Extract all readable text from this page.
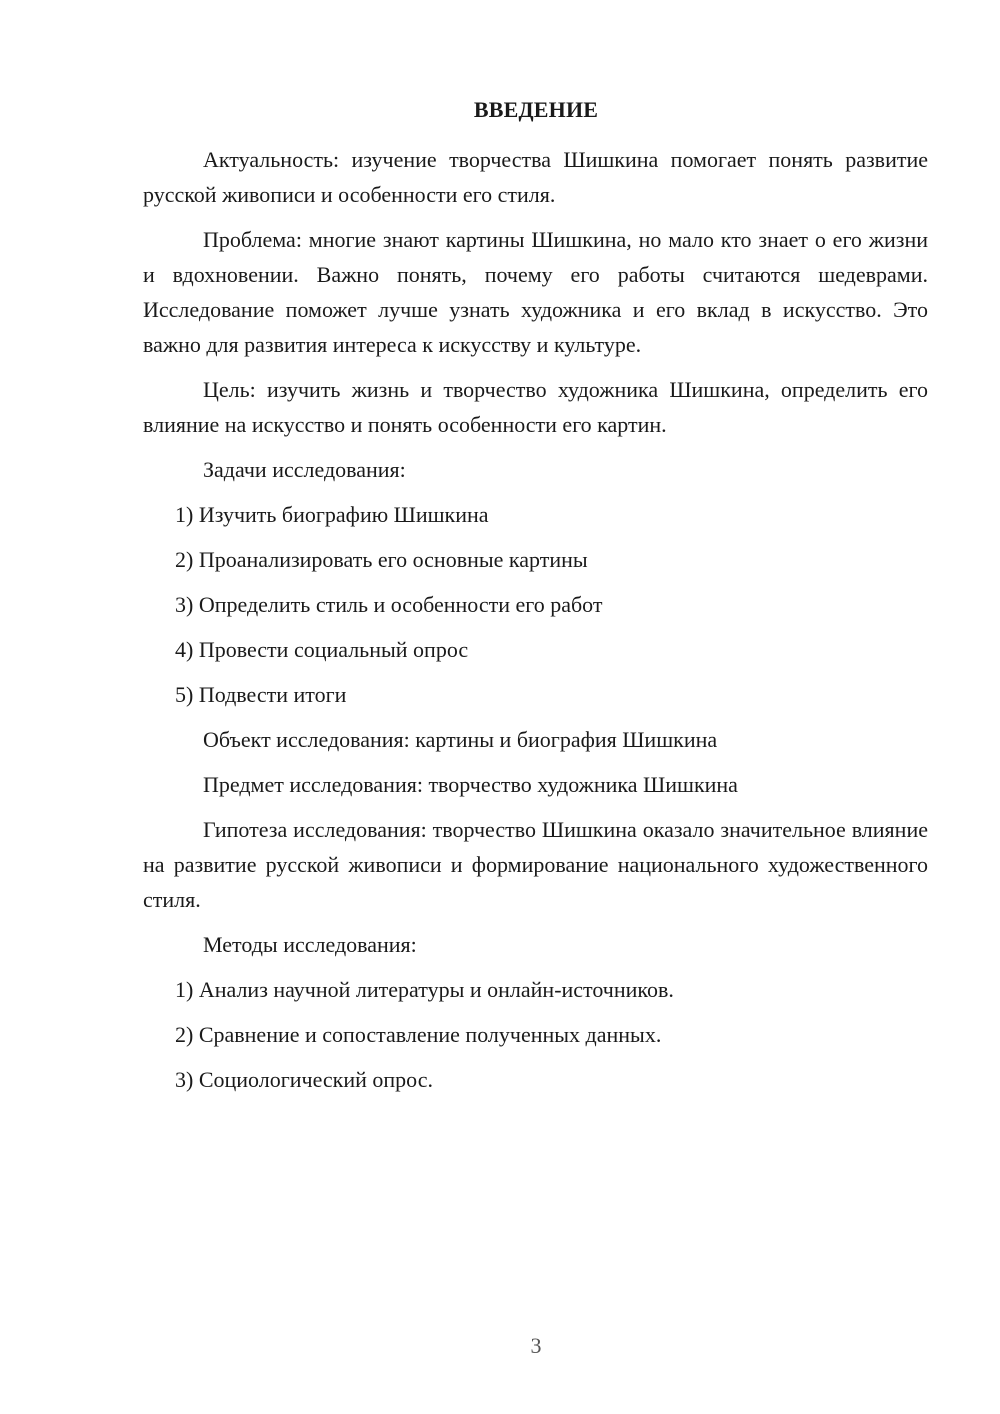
ВВЕДЕНИЕ

Актуальность: изучение творчества Шишкина помогает понять развитие русской живописи и особенности его стиля.

Проблема: многие знают картины Шишкина, но мало кто знает о его жизни и вдохновении. Важно понять, почему его работы считаются шедеврами. Исследование поможет лучше узнать художника и его вклад в искусство. Это важно для развития интереса к искусству и культуре.

Цель: изучить жизнь и творчество художника Шишкина, определить его влияние на искусство и понять особенности его картин.

Задачи исследования:

1) Изучить биографию Шишкина

2) Проанализировать его основные картины

3) Определить стиль и особенности его работ

4) Провести социальный опрос

5) Подвести итоги

Объект исследования: картины и биография Шишкина

Предмет исследования: творчество художника Шишкина

Гипотеза исследования: творчество Шишкина оказало значительное влияние на развитие русской живописи и формирование национального художественного стиля.

Методы исследования:

1) Анализ научной литературы и онлайн-источников.

2) Сравнение и сопоставление полученных данных.

3) Социологический опрос.

3
